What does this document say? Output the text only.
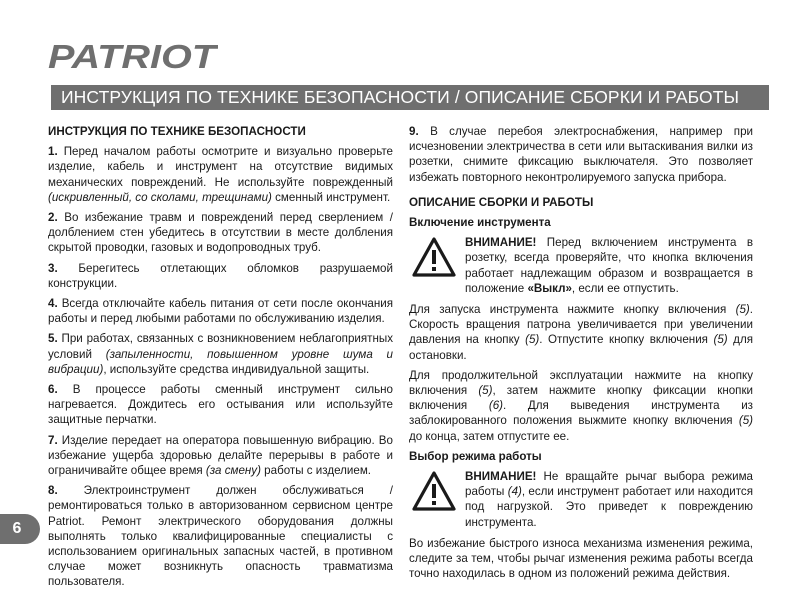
PATRIOT
ИНСТРУКЦИЯ ПО ТЕХНИКЕ БЕЗОПАСНОСТИ / ОПИСАНИЕ СБОРКИ И РАБОТЫ

ИНСТРУКЦИЯ ПО ТЕХНИКЕ БЕЗОПАСНОСТИ

1. Перед началом работы осмотрите и визуально проверьте изделие, кабель и инструмент на отсутствие видимых механических повреждений. Не используйте поврежденный (искривленный, со сколами, трещинами) сменный инструмент.

2. Во избежание травм и повреждений перед сверлением / долблением стен убедитесь в отсутствии в месте долбления скрытой проводки, газовых и водопроводных труб.

3. Берегитесь отлетающих обломков разрушаемой конструкции.

4. Всегда отключайте кабель питания от сети после окончания работы и перед любыми работами по обслуживанию изделия.

5. При работах, связанных с возникновением неблагоприятных условий (запыленности, повышенном уровне шума и вибрации), используйте средства индивидуальной защиты.

6. В процессе работы сменный инструмент сильно нагревается. Дождитесь его остывания или используйте защитные перчатки.

7. Изделие передает на оператора повышенную вибрацию. Во избежание ущерба здоровью делайте перерывы в работе и ограничивайте общее время (за смену) работы с изделием.

8. Электроинструмент должен обслуживаться / ремонтироваться только в авторизованном сервисном центре Patriot. Ремонт электрического оборудования должны выполнять только квалифицированные специалисты с использованием оригинальных запасных частей, в противном случае может возникнуть опасность травматизма пользователя.

9. В случае перебоя электроснабжения, например при исчезновении электричества в сети или вытаскивания вилки из розетки, снимите фиксацию выключателя. Это позволяет избежать повторного неконтролируемого запуска прибора.

ОПИСАНИЕ СБОРКИ И РАБОТЫ

Включение инструмента

ВНИМАНИЕ! Перед включением инструмента в розетку, всегда проверяйте, что кнопка включения работает надлежащим образом и возвращается в положение «Выкл», если ее отпустить.

Для запуска инструмента нажмите кнопку включения (5). Скорость вращения патрона увеличивается при увеличении давления на кнопку (5). Отпустите кнопку включения (5) для остановки.

Для продолжительной эксплуатации нажмите на кнопку включения (5), затем нажмите кнопку фиксации кнопки включения (6). Для выведения инструмента из заблокированного положения выжмите кнопку включения (5) до конца, затем отпустите ее.

Выбор режима работы

ВНИМАНИЕ! Не вращайте рычаг выбора режима работы (4), если инструмент работает или находится под нагрузкой. Это приведет к повреждению инструмента.

Во избежание быстрого износа механизма изменения режима, следите за тем, чтобы рычаг изменения режима работы всегда точно находилась в одном из положений режима действия.

6
